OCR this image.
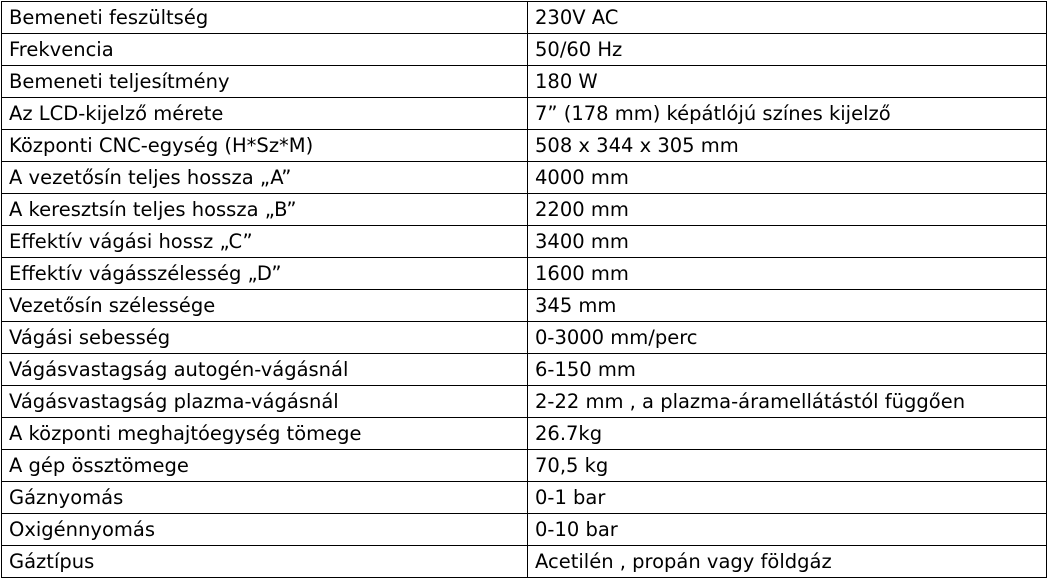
Bemeneti feszültség	230V AC
Frekvencia	50/60 Hz
Bemeneti teljesítmény	180 W
Az LCD-kijelző mérete	7” (178 mm) képátlójú színes kijelző
Központi CNC-egység (H*Sz*M)	508 x 344 x 305 mm
A vezetősín teljes hossza „A”	4000 mm
A keresztsín teljes hossza „B”	2200 mm
Effektív vágási hossz „C”	3400 mm
Effektív vágásszélesség „D”	1600 mm
Vezetősín szélessége	345 mm
Vágási sebesség	0-3000 mm/perc
Vágásvastagság autogén-vágásnál	6-150 mm
Vágásvastagság plazma-vágásnál	2-22 mm , a plazma-áramellátástól függően
A központi meghajtóegység tömege	26.7kg
A gép össztömege	70,5 kg
Gáznyomás	0-1 bar
Oxigénnyomás	0-10 bar
Gáztípus	Acetilén , propán vagy földgáz
